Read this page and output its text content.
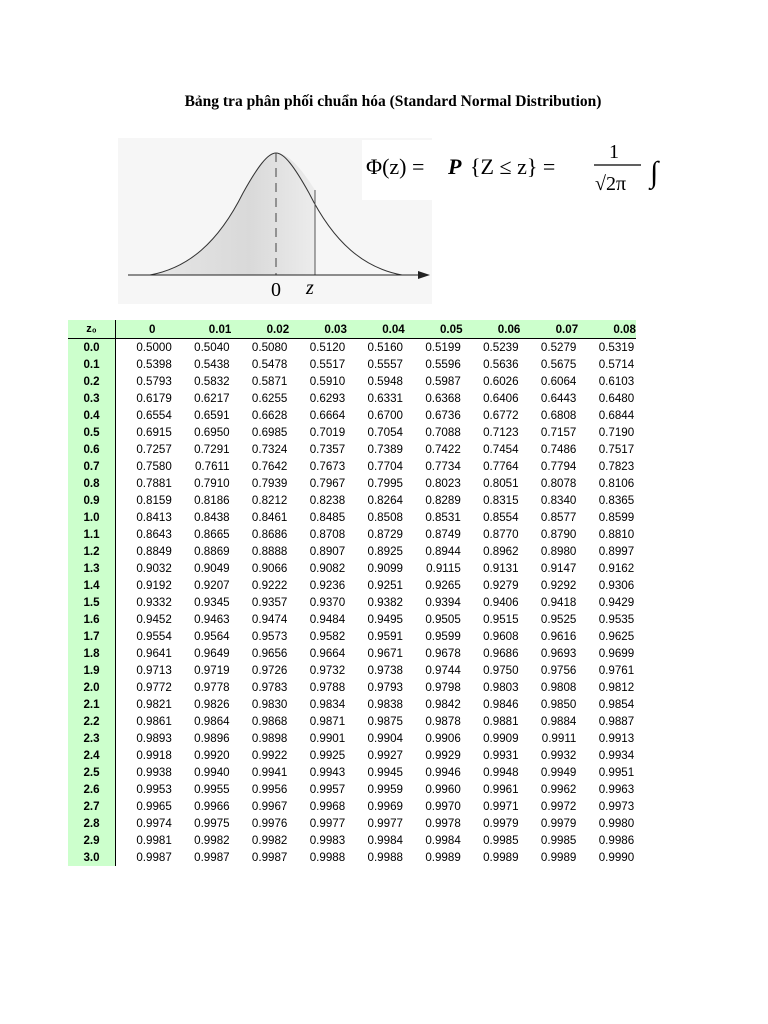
Bảng tra phân phối chuẩn hóa (Standard Normal Distribution)
0 z
Φ(z) = P {Z ≤ z} =
1
√2π ∫
z₀		0	0.01	0.02	0.03	0.04	0.05	0.06	0.07	0.08
0.0		0.5000	0.5040	0.5080	0.5120	0.5160	0.5199	0.5239	0.5279	0.5319
0.1		0.5398	0.5438	0.5478	0.5517	0.5557	0.5596	0.5636	0.5675	0.5714
0.2		0.5793	0.5832	0.5871	0.5910	0.5948	0.5987	0.6026	0.6064	0.6103
0.3		0.6179	0.6217	0.6255	0.6293	0.6331	0.6368	0.6406	0.6443	0.6480
0.4		0.6554	0.6591	0.6628	0.6664	0.6700	0.6736	0.6772	0.6808	0.6844
0.5		0.6915	0.6950	0.6985	0.7019	0.7054	0.7088	0.7123	0.7157	0.7190
0.6		0.7257	0.7291	0.7324	0.7357	0.7389	0.7422	0.7454	0.7486	0.7517
0.7		0.7580	0.7611	0.7642	0.7673	0.7704	0.7734	0.7764	0.7794	0.7823
0.8		0.7881	0.7910	0.7939	0.7967	0.7995	0.8023	0.8051	0.8078	0.8106
0.9		0.8159	0.8186	0.8212	0.8238	0.8264	0.8289	0.8315	0.8340	0.8365
1.0		0.8413	0.8438	0.8461	0.8485	0.8508	0.8531	0.8554	0.8577	0.8599
1.1		0.8643	0.8665	0.8686	0.8708	0.8729	0.8749	0.8770	0.8790	0.8810
1.2		0.8849	0.8869	0.8888	0.8907	0.8925	0.8944	0.8962	0.8980	0.8997
1.3		0.9032	0.9049	0.9066	0.9082	0.9099	0.9115	0.9131	0.9147	0.9162
1.4		0.9192	0.9207	0.9222	0.9236	0.9251	0.9265	0.9279	0.9292	0.9306
1.5		0.9332	0.9345	0.9357	0.9370	0.9382	0.9394	0.9406	0.9418	0.9429
1.6		0.9452	0.9463	0.9474	0.9484	0.9495	0.9505	0.9515	0.9525	0.9535
1.7		0.9554	0.9564	0.9573	0.9582	0.9591	0.9599	0.9608	0.9616	0.9625
1.8		0.9641	0.9649	0.9656	0.9664	0.9671	0.9678	0.9686	0.9693	0.9699
1.9		0.9713	0.9719	0.9726	0.9732	0.9738	0.9744	0.9750	0.9756	0.9761
2.0		0.9772	0.9778	0.9783	0.9788	0.9793	0.9798	0.9803	0.9808	0.9812
2.1		0.9821	0.9826	0.9830	0.9834	0.9838	0.9842	0.9846	0.9850	0.9854
2.2		0.9861	0.9864	0.9868	0.9871	0.9875	0.9878	0.9881	0.9884	0.9887
2.3		0.9893	0.9896	0.9898	0.9901	0.9904	0.9906	0.9909	0.9911	0.9913
2.4		0.9918	0.9920	0.9922	0.9925	0.9927	0.9929	0.9931	0.9932	0.9934
2.5		0.9938	0.9940	0.9941	0.9943	0.9945	0.9946	0.9948	0.9949	0.9951
2.6		0.9953	0.9955	0.9956	0.9957	0.9959	0.9960	0.9961	0.9962	0.9963
2.7		0.9965	0.9966	0.9967	0.9968	0.9969	0.9970	0.9971	0.9972	0.9973
2.8		0.9974	0.9975	0.9976	0.9977	0.9977	0.9978	0.9979	0.9979	0.9980
2.9		0.9981	0.9982	0.9982	0.9983	0.9984	0.9984	0.9985	0.9985	0.9986
3.0		0.9987	0.9987	0.9987	0.9988	0.9988	0.9989	0.9989	0.9989	0.9990
